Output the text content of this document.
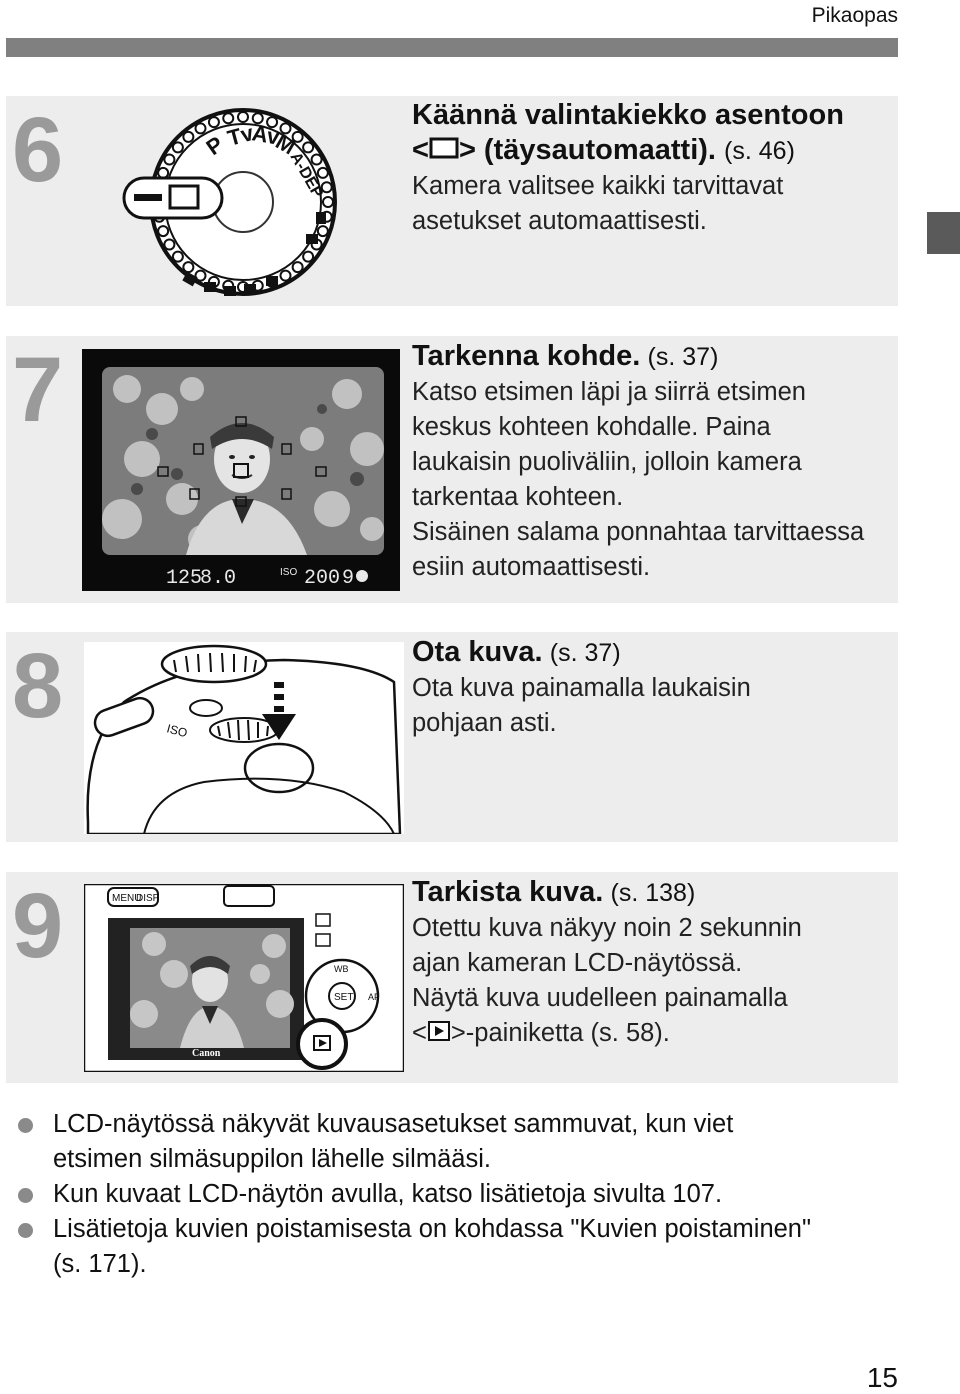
Pikaopas
6	P
Tv
Av
M
A-DEP
Käännä valintakiekko asentoon
< > (täysautomaatti). (s. 46)
Kamera valitsee kaikki tarvittavat
asetukset automaattisesti.
7
125
8.0	ISO 200 9
Tarkenna kohde. (s. 37)
Katso etsimen läpi ja siirrä etsimen
keskus kohteen kohdalle. Paina
laukaisin puoliväliin, jolloin kamera
tarkentaa kohteen.
Sisäinen salama ponnahtaa tarvittaessa
esiin automaattisesti.
8	ISO
Ota kuva. (s. 37)
Ota kuva painamalla laukaisin
pohjaan asti.
9	MENU
DISP
Canon
SET
WB
AF
Tarkista kuva. (s. 138)
Otettu kuva näkyy noin 2 sekunnin
ajan kameran LCD-näytössä.
Näytä kuva uudelleen painamalla
< >-painiketta (s. 58).
LCD-näytössä näkyvät kuvausasetukset sammuvat, kun viet
etsimen silmäsuppilon lähelle silmääsi.
Kun kuvaat LCD-näytön avulla, katso lisätietoja sivulta 107.
Lisätietoja kuvien poistamisesta on kohdassa "Kuvien poistaminen"
(s. 171).
15
